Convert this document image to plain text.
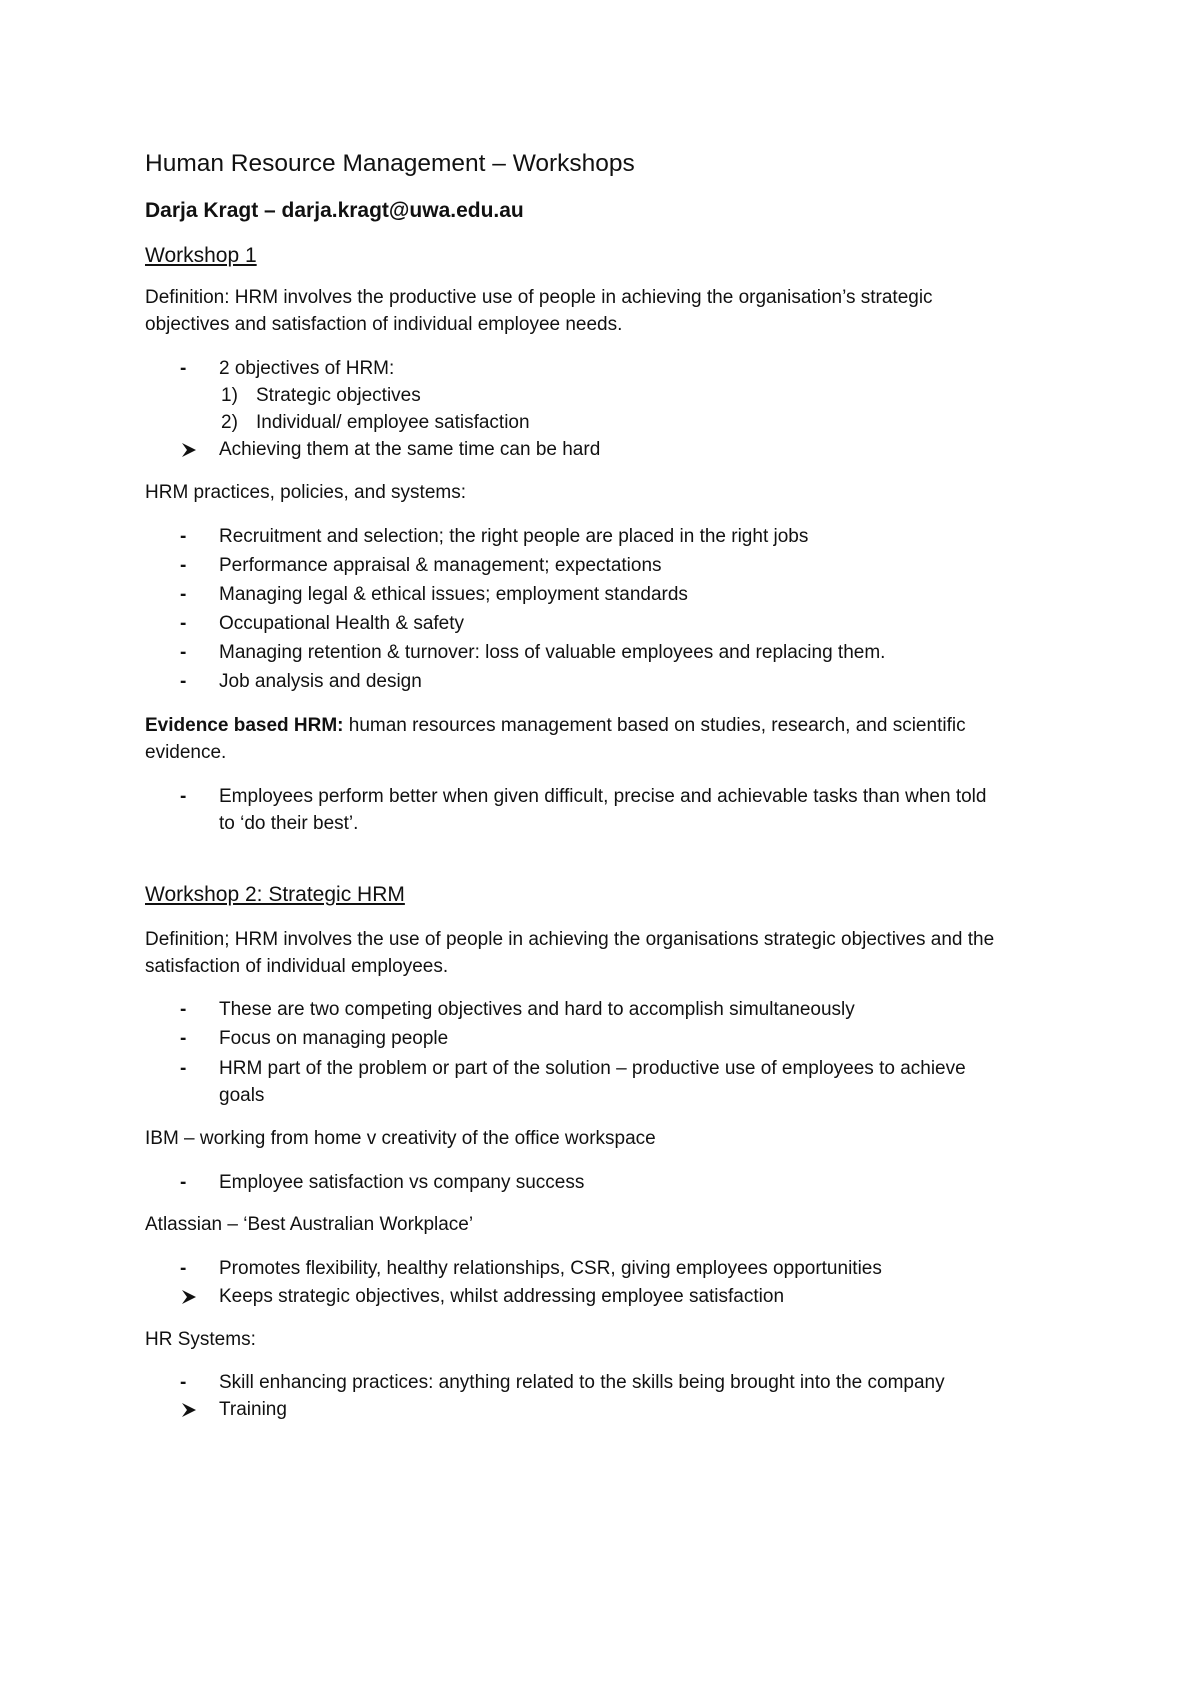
Human Resource Management – Workshops
Darja Kragt – darja.kragt@uwa.edu.au
Workshop 1
Definition: HRM involves the productive use of people in achieving the organisation’s strategic
objectives and satisfaction of individual employee needs.
- 2 objectives of HRM:
1) Strategic objectives
2) Individual/ employee satisfaction
Achieving them at the same time can be hard
HRM practices, policies, and systems:
- Recruitment and selection; the right people are placed in the right jobs
- Performance appraisal & management; expectations
- Managing legal & ethical issues; employment standards
- Occupational Health & safety
- Managing retention & turnover: loss of valuable employees and replacing them.
- Job analysis and design
Evidence based HRM: human resources management based on studies, research, and scientific
evidence.
- Employees perform better when given difficult, precise and achievable tasks than when told
to ‘do their best’.
Workshop 2: Strategic HRM
Definition; HRM involves the use of people in achieving the organisations strategic objectives and the
satisfaction of individual employees.
- These are two competing objectives and hard to accomplish simultaneously
- Focus on managing people
- HRM part of the problem or part of the solution – productive use of employees to achieve
goals
IBM – working from home v creativity of the office workspace
- Employee satisfaction vs company success
Atlassian – ‘Best Australian Workplace’
- Promotes flexibility, healthy relationships, CSR, giving employees opportunities
Keeps strategic objectives, whilst addressing employee satisfaction
HR Systems:
- Skill enhancing practices: anything related to the skills being brought into the company
Training
